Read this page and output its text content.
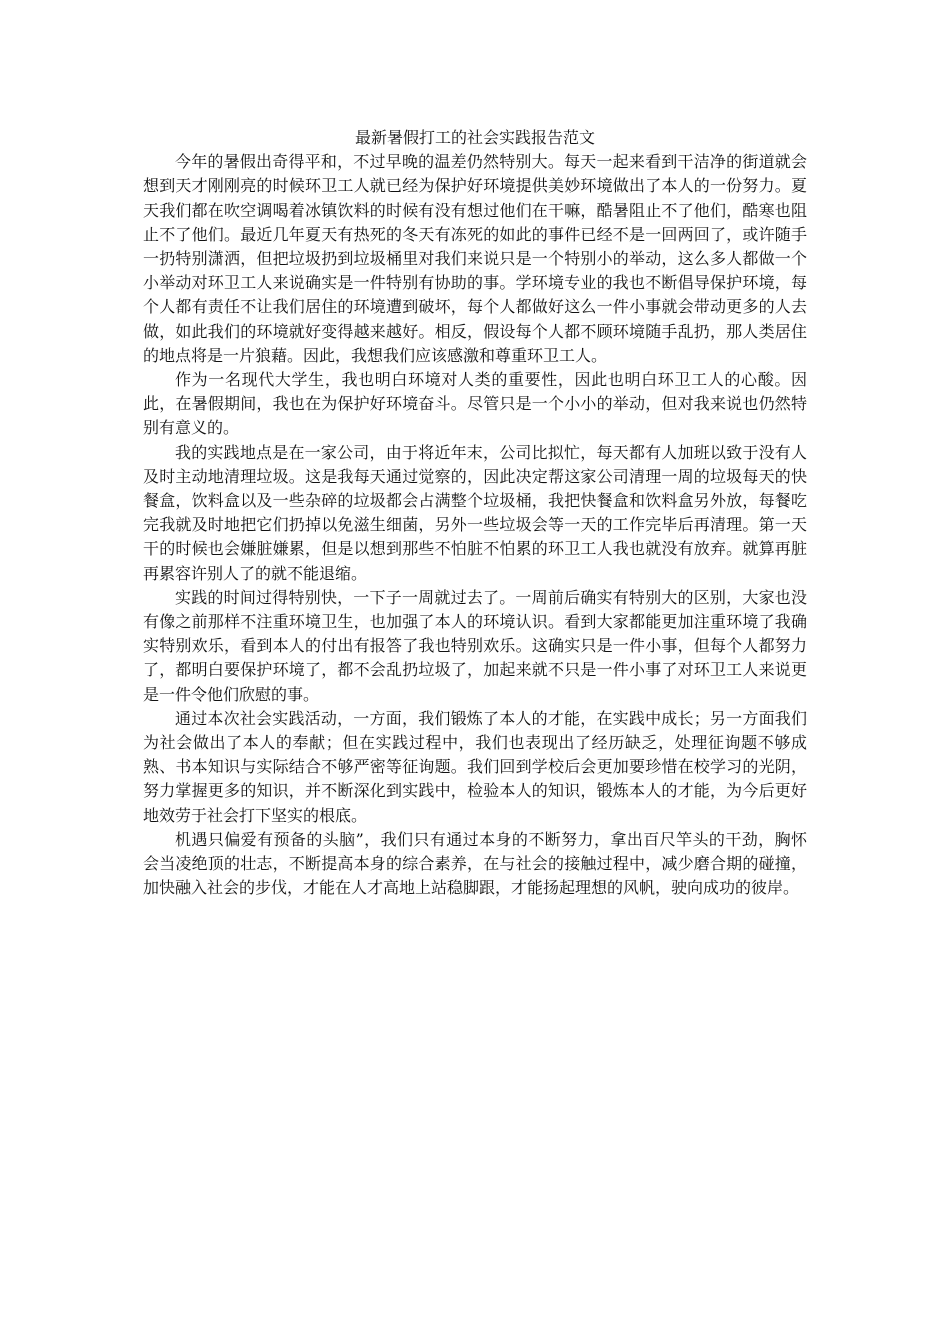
最新暑假打工的社会实践报告范文

今年的暑假出奇得平和，不过早晚的温差仍然特别大。每天一起来看到干洁净的街道就会想到天才刚刚亮的时候环卫工人就已经为保护好环境提供美妙环境做出了本人的一份努力。夏天我们都在吹空调喝着冰镇饮料的时候有没有想过他们在干嘛，酷暑阻止不了他们，酷寒也阻止不了他们。最近几年夏天有热死的冬天有冻死的如此的事件已经不是一回两回了，或许随手一扔特别潇洒，但把垃圾扔到垃圾桶里对我们来说只是一个特别小的举动，这么多人都做一个小举动对环卫工人来说确实是一件特别有协助的事。学环境专业的我也不断倡导保护环境，每个人都有责任不让我们居住的环境遭到破坏，每个人都做好这么一件小事就会带动更多的人去做，如此我们的环境就好变得越来越好。相反，假设每个人都不顾环境随手乱扔，那人类居住的地点将是一片狼藉。因此，我想我们应该感激和尊重环卫工人。

作为一名现代大学生，我也明白环境对人类的重要性，因此也明白环卫工人的心酸。因此，在暑假期间，我也在为保护好环境奋斗。尽管只是一个小小的举动，但对我来说也仍然特别有意义的。

我的实践地点是在一家公司，由于将近年末，公司比拟忙，每天都有人加班以致于没有人及时主动地清理垃圾。这是我每天通过觉察的，因此决定帮这家公司清理一周的垃圾每天的快餐盒，饮料盒以及一些杂碎的垃圾都会占满整个垃圾桶，我把快餐盒和饮料盒另外放，每餐吃完我就及时地把它们扔掉以免滋生细菌，另外一些垃圾会等一天的工作完毕后再清理。第一天干的时候也会嫌脏嫌累，但是以想到那些不怕脏不怕累的环卫工人我也就没有放弃。就算再脏再累容许别人了的就不能退缩。

实践的时间过得特别快，一下子一周就过去了。一周前后确实有特别大的区别，大家也没有像之前那样不注重环境卫生，也加强了本人的环境认识。看到大家都能更加注重环境了我确实特别欢乐，看到本人的付出有报答了我也特别欢乐。这确实只是一件小事，但每个人都努力了，都明白要保护环境了，都不会乱扔垃圾了，加起来就不只是一件小事了对环卫工人来说更是一件令他们欣慰的事。

通过本次社会实践活动，一方面，我们锻炼了本人的才能，在实践中成长；另一方面我们为社会做出了本人的奉献；但在实践过程中，我们也表现出了经历缺乏，处理征询题不够成熟、书本知识与实际结合不够严密等征询题。我们回到学校后会更加要珍惜在校学习的光阴，努力掌握更多的知识，并不断深化到实践中，检验本人的知识，锻炼本人的才能，为今后更好地效劳于社会打下坚实的根底。

机遇只偏爱有预备的头脑”，我们只有通过本身的不断努力，拿出百尺竿头的干劲，胸怀会当凌绝顶的壮志，不断提高本身的综合素养，在与社会的接触过程中，减少磨合期的碰撞，加快融入社会的步伐，才能在人才高地上站稳脚跟，才能扬起理想的风帆，驶向成功的彼岸。
